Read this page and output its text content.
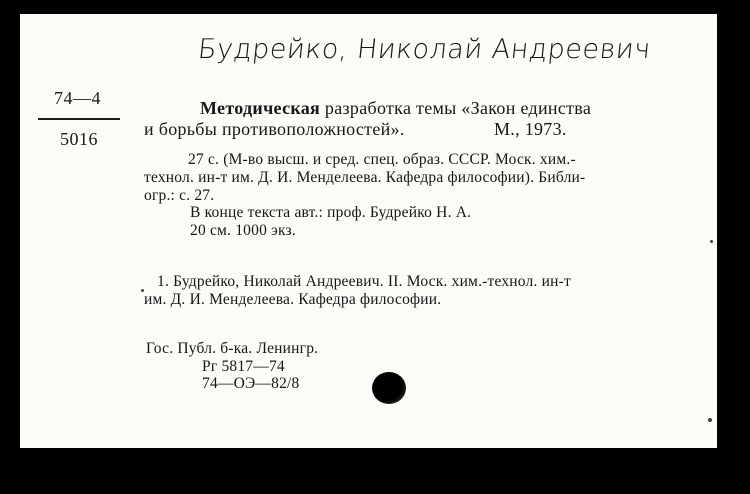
Будрейко, Николай Андреевич
74—4
5016
Методическая разработка темы «Закон единства
и борьбы противоположностей».	М., 1973.
27 с. (М-во высш. и сред. спец. образ. СССР. Моск. хим.-
технол. ин-т им. Д. И. Менделеева. Кафедра философии). Библи-
огр.: с. 27.
В конце текста авт.: проф. Будрейко Н. А.
20 см. 1000 экз.
1. Будрейко, Николай Андреевич. II. Моск. хим.-технол. ин-т
им. Д. И. Менделеева. Кафедра философии.
Гос. Публ. б-ка. Ленингр.
Рг 5817—74
74—ОЭ—82/8
